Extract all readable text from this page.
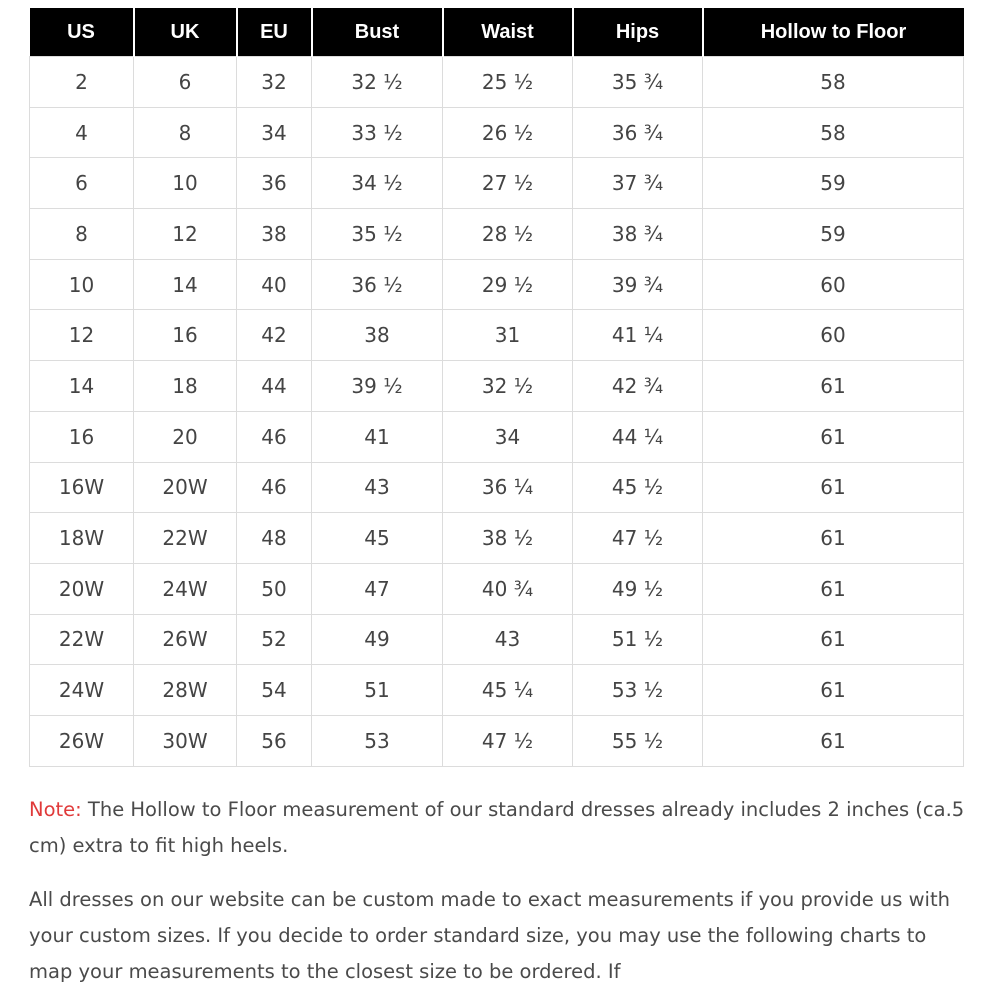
US	UK	EU	Bust	Waist	Hips	Hollow to Floor
2	6	32	32 ½	25 ½	35 ¾	58
4	8	34	33 ½	26 ½	36 ¾	58
6	10	36	34 ½	27 ½	37 ¾	59
8	12	38	35 ½	28 ½	38 ¾	59
10	14	40	36 ½	29 ½	39 ¾	60
12	16	42	38	31	41 ¼	60
14	18	44	39 ½	32 ½	42 ¾	61
16	20	46	41	34	44 ¼	61
16W	20W	46	43	36 ¼	45 ½	61
18W	22W	48	45	38 ½	47 ½	61
20W	24W	50	47	40 ¾	49 ½	61
22W	26W	52	49	43	51 ½	61
24W	28W	54	51	45 ¼	53 ½	61
26W	30W	56	53	47 ½	55 ½	61
Note: The Hollow to Floor measurement of our standard dresses already includes 2 inches (ca.5 cm) extra to fit high heels.
All dresses on our website can be custom made to exact measurements if you provide us with your custom sizes. If you decide to order standard size, you may use the following charts to map your measurements to the closest size to be ordered. If
